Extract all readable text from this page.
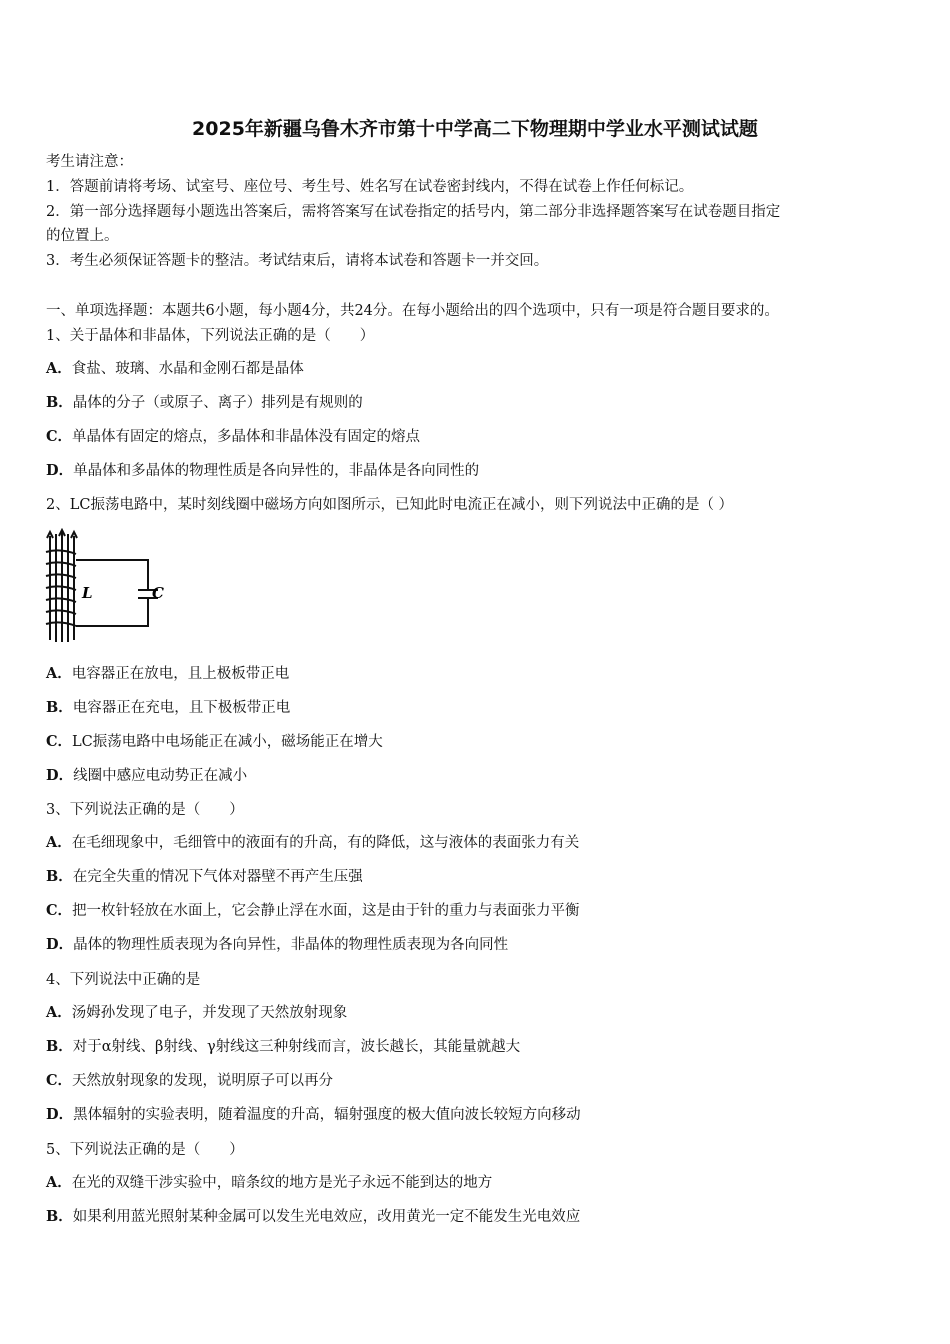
2025年新疆乌鲁木齐市第十中学高二下物理期中学业水平测试试题
考生请注意：
1．答题前请将考场、试室号、座位号、考生号、姓名写在试卷密封线内，不得在试卷上作任何标记。
2．第一部分选择题每小题选出答案后，需将答案写在试卷指定的括号内，第二部分非选择题答案写在试卷题目指定
的位置上。
3．考生必须保证答题卡的整洁。考试结束后，请将本试卷和答题卡一并交回。
一、单项选择题：本题共6小题，每小题4分，共24分。在每小题给出的四个选项中，只有一项是符合题目要求的。
1、关于晶体和非晶体，下列说法正确的是（　　）
A．食盐、玻璃、水晶和金刚石都是晶体
B．晶体的分子（或原子、离子）排列是有规则的
C．单晶体有固定的熔点，多晶体和非晶体没有固定的熔点
D．单晶体和多晶体的物理性质是各向异性的，非晶体是各向同性的
2、LC振荡电路中，某时刻线圈中磁场方向如图所示，已知此时电流正在减小，则下列说法中正确的是（ ）
A．电容器正在放电，且上极板带正电
B．电容器正在充电，且下极板带正电
C．LC振荡电路中电场能正在减小，磁场能正在增大
D．线圈中感应电动势正在减小
3、下列说法正确的是（　　）
A．在毛细现象中，毛细管中的液面有的升高，有的降低，这与液体的表面张力有关
B．在完全失重的情况下气体对器壁不再产生压强
C．把一枚针轻放在水面上，它会静止浮在水面，这是由于针的重力与表面张力平衡
D．晶体的物理性质表现为各向异性，非晶体的物理性质表现为各向同性
4、下列说法中正确的是
A．汤姆孙发现了电子，并发现了天然放射现象
B．对于α射线、β射线、γ射线这三种射线而言，波长越长，其能量就越大
C．天然放射现象的发现，说明原子可以再分
D．黑体辐射的实验表明，随着温度的升高，辐射强度的极大值向波长较短方向移动
5、下列说法正确的是（　　）
A．在光的双缝干涉实验中，暗条纹的地方是光子永远不能到达的地方
B．如果利用蓝光照射某种金属可以发生光电效应，改用黄光一定不能发生光电效应
L	C
